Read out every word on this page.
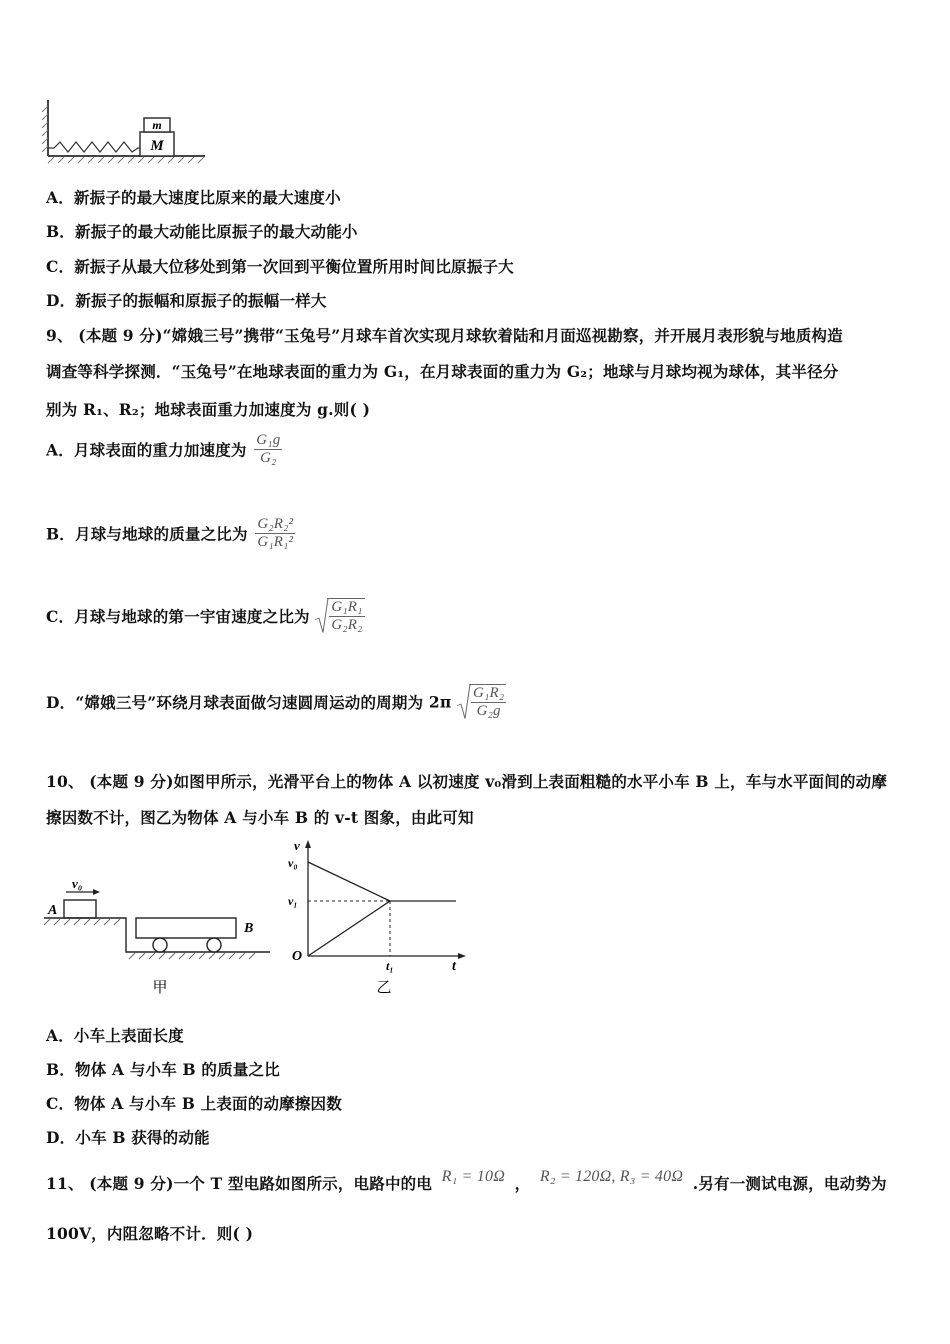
m
M
A．新振子的最大速度比原来的最大速度小
B．新振子的最大动能比原振子的最大动能小
C．新振子从最大位移处到第一次回到平衡位置所用时间比原振子大
D．新振子的振幅和原振子的振幅一样大
9、 (本题 9 分)“嫦娥三号”携带“玉兔号”月球车首次实现月球软着陆和月面巡视勘察，并开展月表形貌与地质构造
调查等科学探测．“玉兔号”在地球表面的重力为 G₁，在月球表面的重力为 G₂；地球与月球均视为球体，其半径分
别为 R₁、R₂；地球表面重力加速度为 g.则( )
A．月球表面的重力加速度为 $\frac{\text{G₁g}}{\text{G₂}}$
B．月球与地球的质量之比为 $\frac{\text{G₂R₂²}}{\text{G₁R₁²}}$
C．月球与地球的第一宇宙速度之比为 $\frac{\text{G₁R₁}}{\text{G₂R₂}}$
D．“嫦娥三号”环绕月球表面做匀速圆周运动的周期为 $2\pi \frac{\text{G₁R₂}}{\text{G₂g}}$
10、 (本题 9 分)如图甲所示，光滑平台上的物体 A 以初速度 v₀滑到上表面粗糙的水平小车 B 上，车与水平面间的动摩
擦因数不计，图乙为物体 A 与小车 B 的 v-t 图象，由此可知
v₀
A
B
甲
v
v₀
v₁
O
t₁	t
乙
A．小车上表面长度
B．物体 A 与小车 B 的质量之比
C．物体 A 与小车 B 上表面的动摩擦因数
D．小车 B 获得的动能
11、 (本题 9 分)一个 T 型电路如图所示，电路中的电 R₁ = 10Ω ， R₂ = 120Ω, R₃ = 40Ω .另有一测试电源，电动势为
100V，内阻忽略不计．则( )
